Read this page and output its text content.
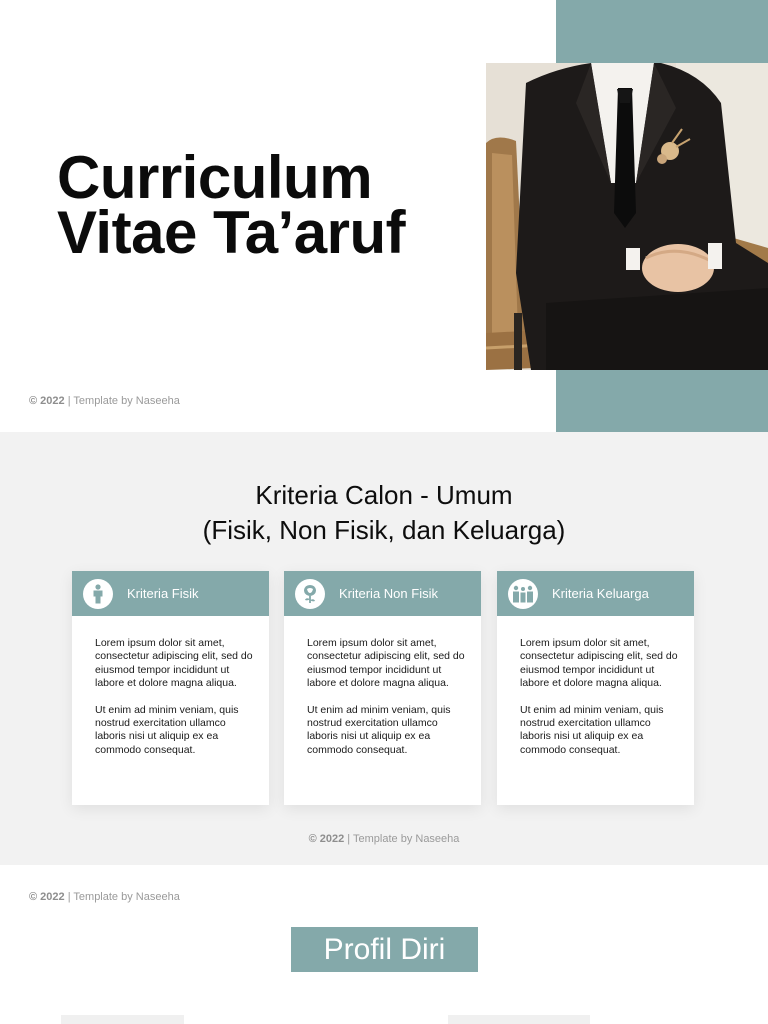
Curriculum
Vitae Ta’aruf
© 2022 | Template by Naseeha
Kriteria Calon - Umum
(Fisik, Non Fisik, dan Keluarga)
Kriteria Fisik

Lorem ipsum dolor sit amet, consectetur adipiscing elit, sed do eiusmod tempor incididunt ut labore et dolore magna aliqua.

Ut enim ad minim veniam, quis nostrud exercitation ullamco laboris nisi ut aliquip ex ea commodo consequat.

Kriteria Non Fisik

Lorem ipsum dolor sit amet, consectetur adipiscing elit, sed do eiusmod tempor incididunt ut labore et dolore magna aliqua.

Ut enim ad minim veniam, quis nostrud exercitation ullamco laboris nisi ut aliquip ex ea commodo consequat.

Kriteria Keluarga

Lorem ipsum dolor sit amet, consectetur adipiscing elit, sed do eiusmod tempor incididunt ut labore et dolore magna aliqua.

Ut enim ad minim veniam, quis nostrud exercitation ullamco laboris nisi ut aliquip ex ea commodo consequat.

© 2022 | Template by Naseeha
© 2022 | Template by Naseeha
Profil Diri
